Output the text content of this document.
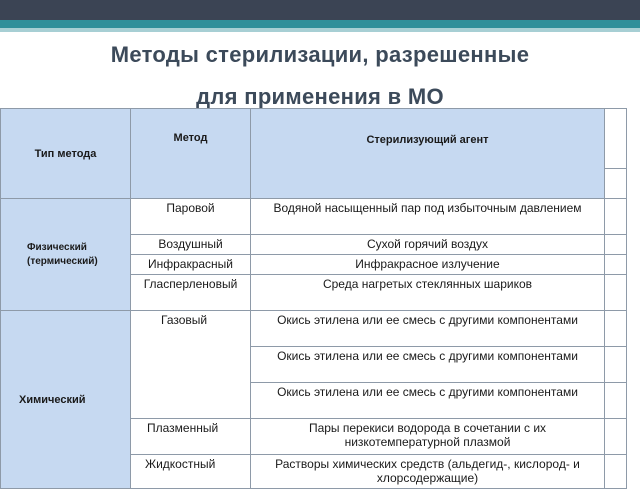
Методы стерилизации, разрешенные
для применения в МО
Тип метода	Метод	Стерилизующий агент	

Физический (термический)	Паровой	Водяной насыщенный пар под избыточным давлением	
	Воздушный	Сухой горячий воздух	
	Инфракрасный	Инфракрасное излучение	
	Гласперленовый	Среда нагретых стеклянных шариков	
Химический	Газовый	Окись этилена или ее смесь с другими компонентами	
		Окись этилена или ее смесь с другими компонентами	
		Окись этилена или ее смесь с другими компонентами	
	Плазменный	Пары перекиси водорода в сочетании с их низкотемпературной плазмой	
	Жидкостный	Растворы химических средств (альдегид-, кислород- и хлорсодержащие)	
